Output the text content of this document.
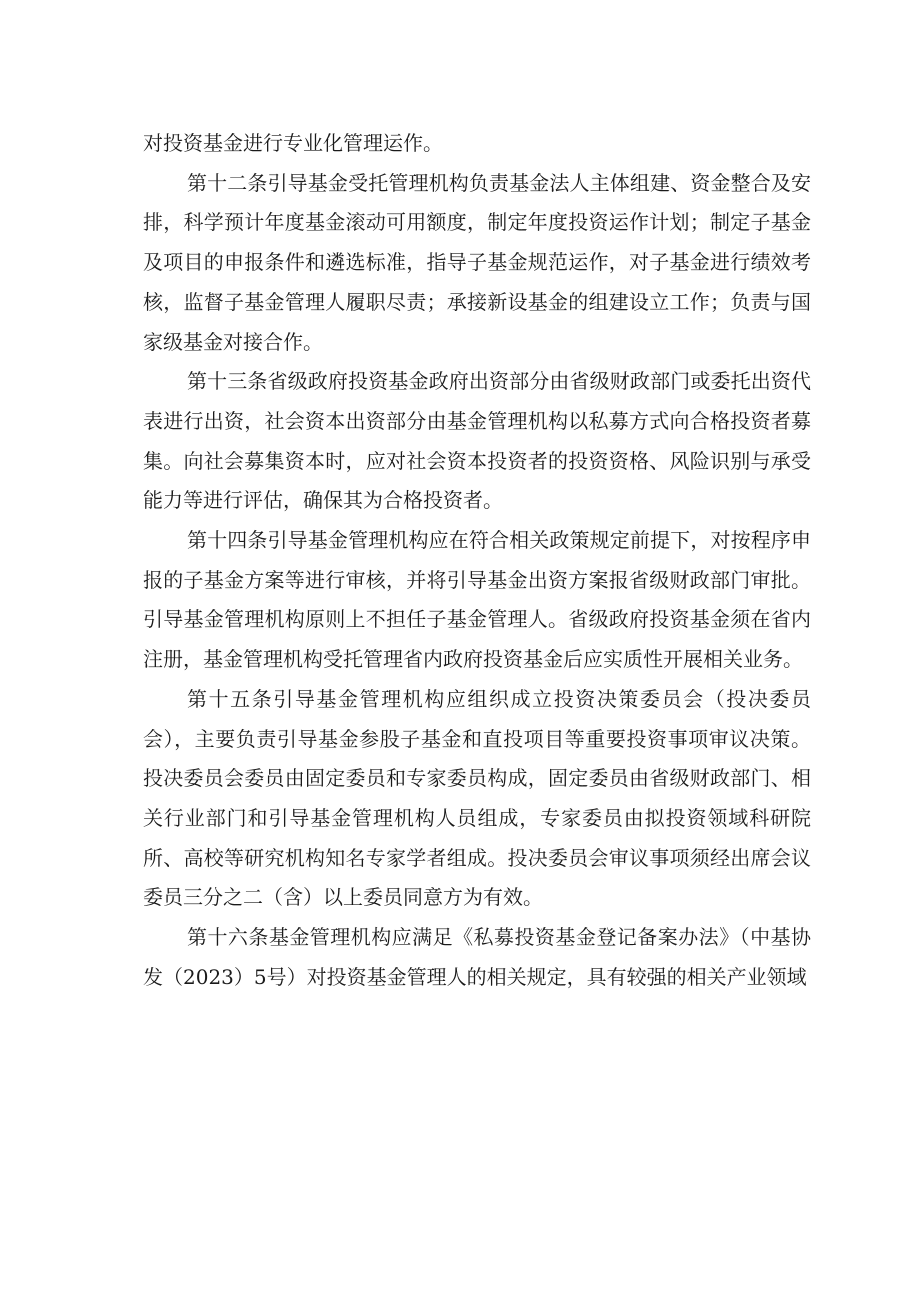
对投资基金进行专业化管理运作。

第十二条引导基金受托管理机构负责基金法人主体组建、资金整合及安排，科学预计年度基金滚动可用额度，制定年度投资运作计划；制定子基金及项目的申报条件和遴选标准，指导子基金规范运作，对子基金进行绩效考核，监督子基金管理人履职尽责；承接新设基金的组建设立工作；负责与国家级基金对接合作。

第十三条省级政府投资基金政府出资部分由省级财政部门或委托出资代表进行出资，社会资本出资部分由基金管理机构以私募方式向合格投资者募集。向社会募集资本时，应对社会资本投资者的投资资格、风险识别与承受能力等进行评估，确保其为合格投资者。

第十四条引导基金管理机构应在符合相关政策规定前提下，对按程序申报的子基金方案等进行审核，并将引导基金出资方案报省级财政部门审批。引导基金管理机构原则上不担任子基金管理人。省级政府投资基金须在省内注册，基金管理机构受托管理省内政府投资基金后应实质性开展相关业务。

第十五条引导基金管理机构应组织成立投资决策委员会（投决委员会），主要负责引导基金参股子基金和直投项目等重要投资事项审议决策。投决委员会委员由固定委员和专家委员构成，固定委员由省级财政部门、相关行业部门和引导基金管理机构人员组成，专家委员由拟投资领域科研院所、高校等研究机构知名专家学者组成。投决委员会审议事项须经出席会议委员三分之二（含）以上委员同意方为有效。

第十六条基金管理机构应满足《私募投资基金登记备案办法》（中基协发（2023）5号）对投资基金管理人的相关规定，具有较强的相关产业领域
